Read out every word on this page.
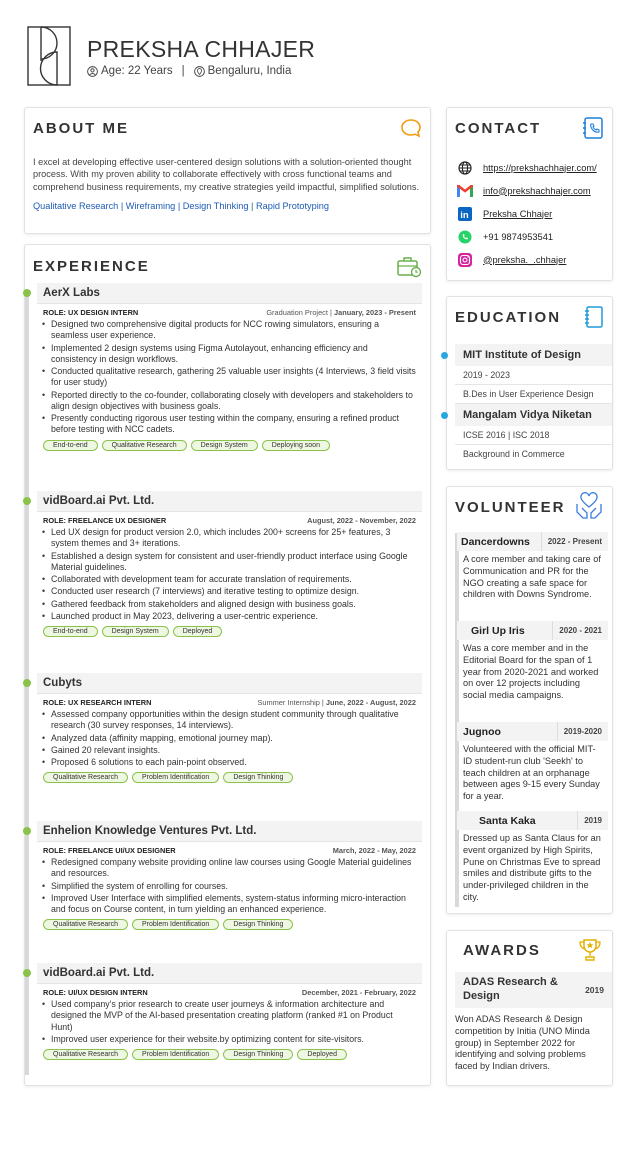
PREKSHA CHHAJER
Age: 22 Years | Bengaluru, India
ABOUT ME
I excel at developing effective user-centered design solutions with a solution-oriented thought process. With my proven ability to collaborate effectively with cross functional teams and comprehend business requirements, my creative strategies yeild impactful, simplified solutions.
Qualitative Research | Wireframing | Design Thinking | Rapid Prototyping
EXPERIENCE
AerX Labs
ROLE: UX DESIGN INTERN	Graduation Project | January, 2023 - Present
• Designed two comprehensive digital products for NCC rowing simulators, ensuring a seamless user experience.
• Implemented 2 design systems using Figma Autolayout, enhancing efficiency and consistency in design workflows.
• Conducted qualitative research, gathering 25 valuable user insights (4 Interviews, 3 field visits for user study)
• Reported directly to the co-founder, collaborating closely with developers and stakeholders to align design objectives with business goals.
• Presently conducting rigorous user testing within the company, ensuring a refined product before testing with NCC cadets.
End-to-end	Qualitative Research	Design System	Deploying soon
vidBoard.ai Pvt. Ltd.
ROLE: FREELANCE UX DESIGNER	August, 2022 - November, 2022
• Led UX design for product version 2.0, which includes 200+ screens for 25+ features, 3 system themes and 3+ iterations.
• Established a design system for consistent and user-friendly product interface using Google Material guidelines.
• Collaborated with development team for accurate translation of requirements.
• Conducted user research (7 interviews) and iterative testing to optimize design.
• Gathered feedback from stakeholders and aligned design with business goals.
• Launched product in May 2023, delivering a user-centric experience.
End-to-end	Design System	Deployed
Cubyts
ROLE: UX RESEARCH INTERN	Summer Internship | June, 2022 - August, 2022
• Assessed company opportunities within the design student community through qualitative research (30 survey responses, 14 interviews).
• Analyzed data (affinity mapping, emotional journey map).
• Gained 20 relevant insights.
• Proposed 6 solutions to each pain-point observed.
Qualitative Research	Problem Identification	Design Thinking
Enhelion Knowledge Ventures Pvt. Ltd.
ROLE: FREELANCE UI/UX DESIGNER	March, 2022 - May, 2022
• Redesigned company website providing online law courses using Google Material guidelines and resources.
• Simplified the system of enrolling for courses.
• Improved User Interface with simplified elements, system-status informing micro-interaction and focus on Course content, in turn yielding an enhanced experience.
Qualitative Research	Problem Identification	Design Thinking
vidBoard.ai Pvt. Ltd.
ROLE: UI/UX DESIGN INTERN	December, 2021 - February, 2022
• Used company's prior research to create user journeys & information architecture and designed the MVP of the AI-based presentation creating platform (ranked #1 on Product Hunt)
• Improved user experience for their website.by optimizing content for site-visitors.
Qualitative Research	Problem Identification	Design Thinking	Deployed
CONTACT
https://prekshachhajer.com/
info@prekshachhajer.com
in Preksha Chhajer
+91 9874953541
@preksha._.chhajer
EDUCATION
MIT Institute of Design
2019 - 2023
B.Des in User Experience Design
Mangalam Vidya Niketan
ICSE 2016 | ISC 2018
Background in Commerce
VOLUNTEER
Dancerdowns	2022 - Present
A core member and taking care of Communication and PR for the NGO creating a safe space for children with Downs Syndrome.
Girl Up Iris	2020 - 2021
Was a core member and in the Editorial Board for the span of 1 year from 2020-2021 and worked on over 12 projects including social media campaigns.
Jugnoo	2019-2020
Volunteered with the official MIT-ID student-run club 'Seekh' to teach children at an orphanage between ages 9-15 every Sunday for a year.
Santa Kaka	2019
Dressed up as Santa Claus for an event organized by High Spirits, Pune on Christmas Eve to spread smiles and distribute gifts to the under-privileged children in the city.
AWARDS
ADAS Research & Design	2019
Won ADAS Research & Design competition by Initia (UNO Minda group) in September 2022 for identifying and solving problems faced by Indian drivers.
